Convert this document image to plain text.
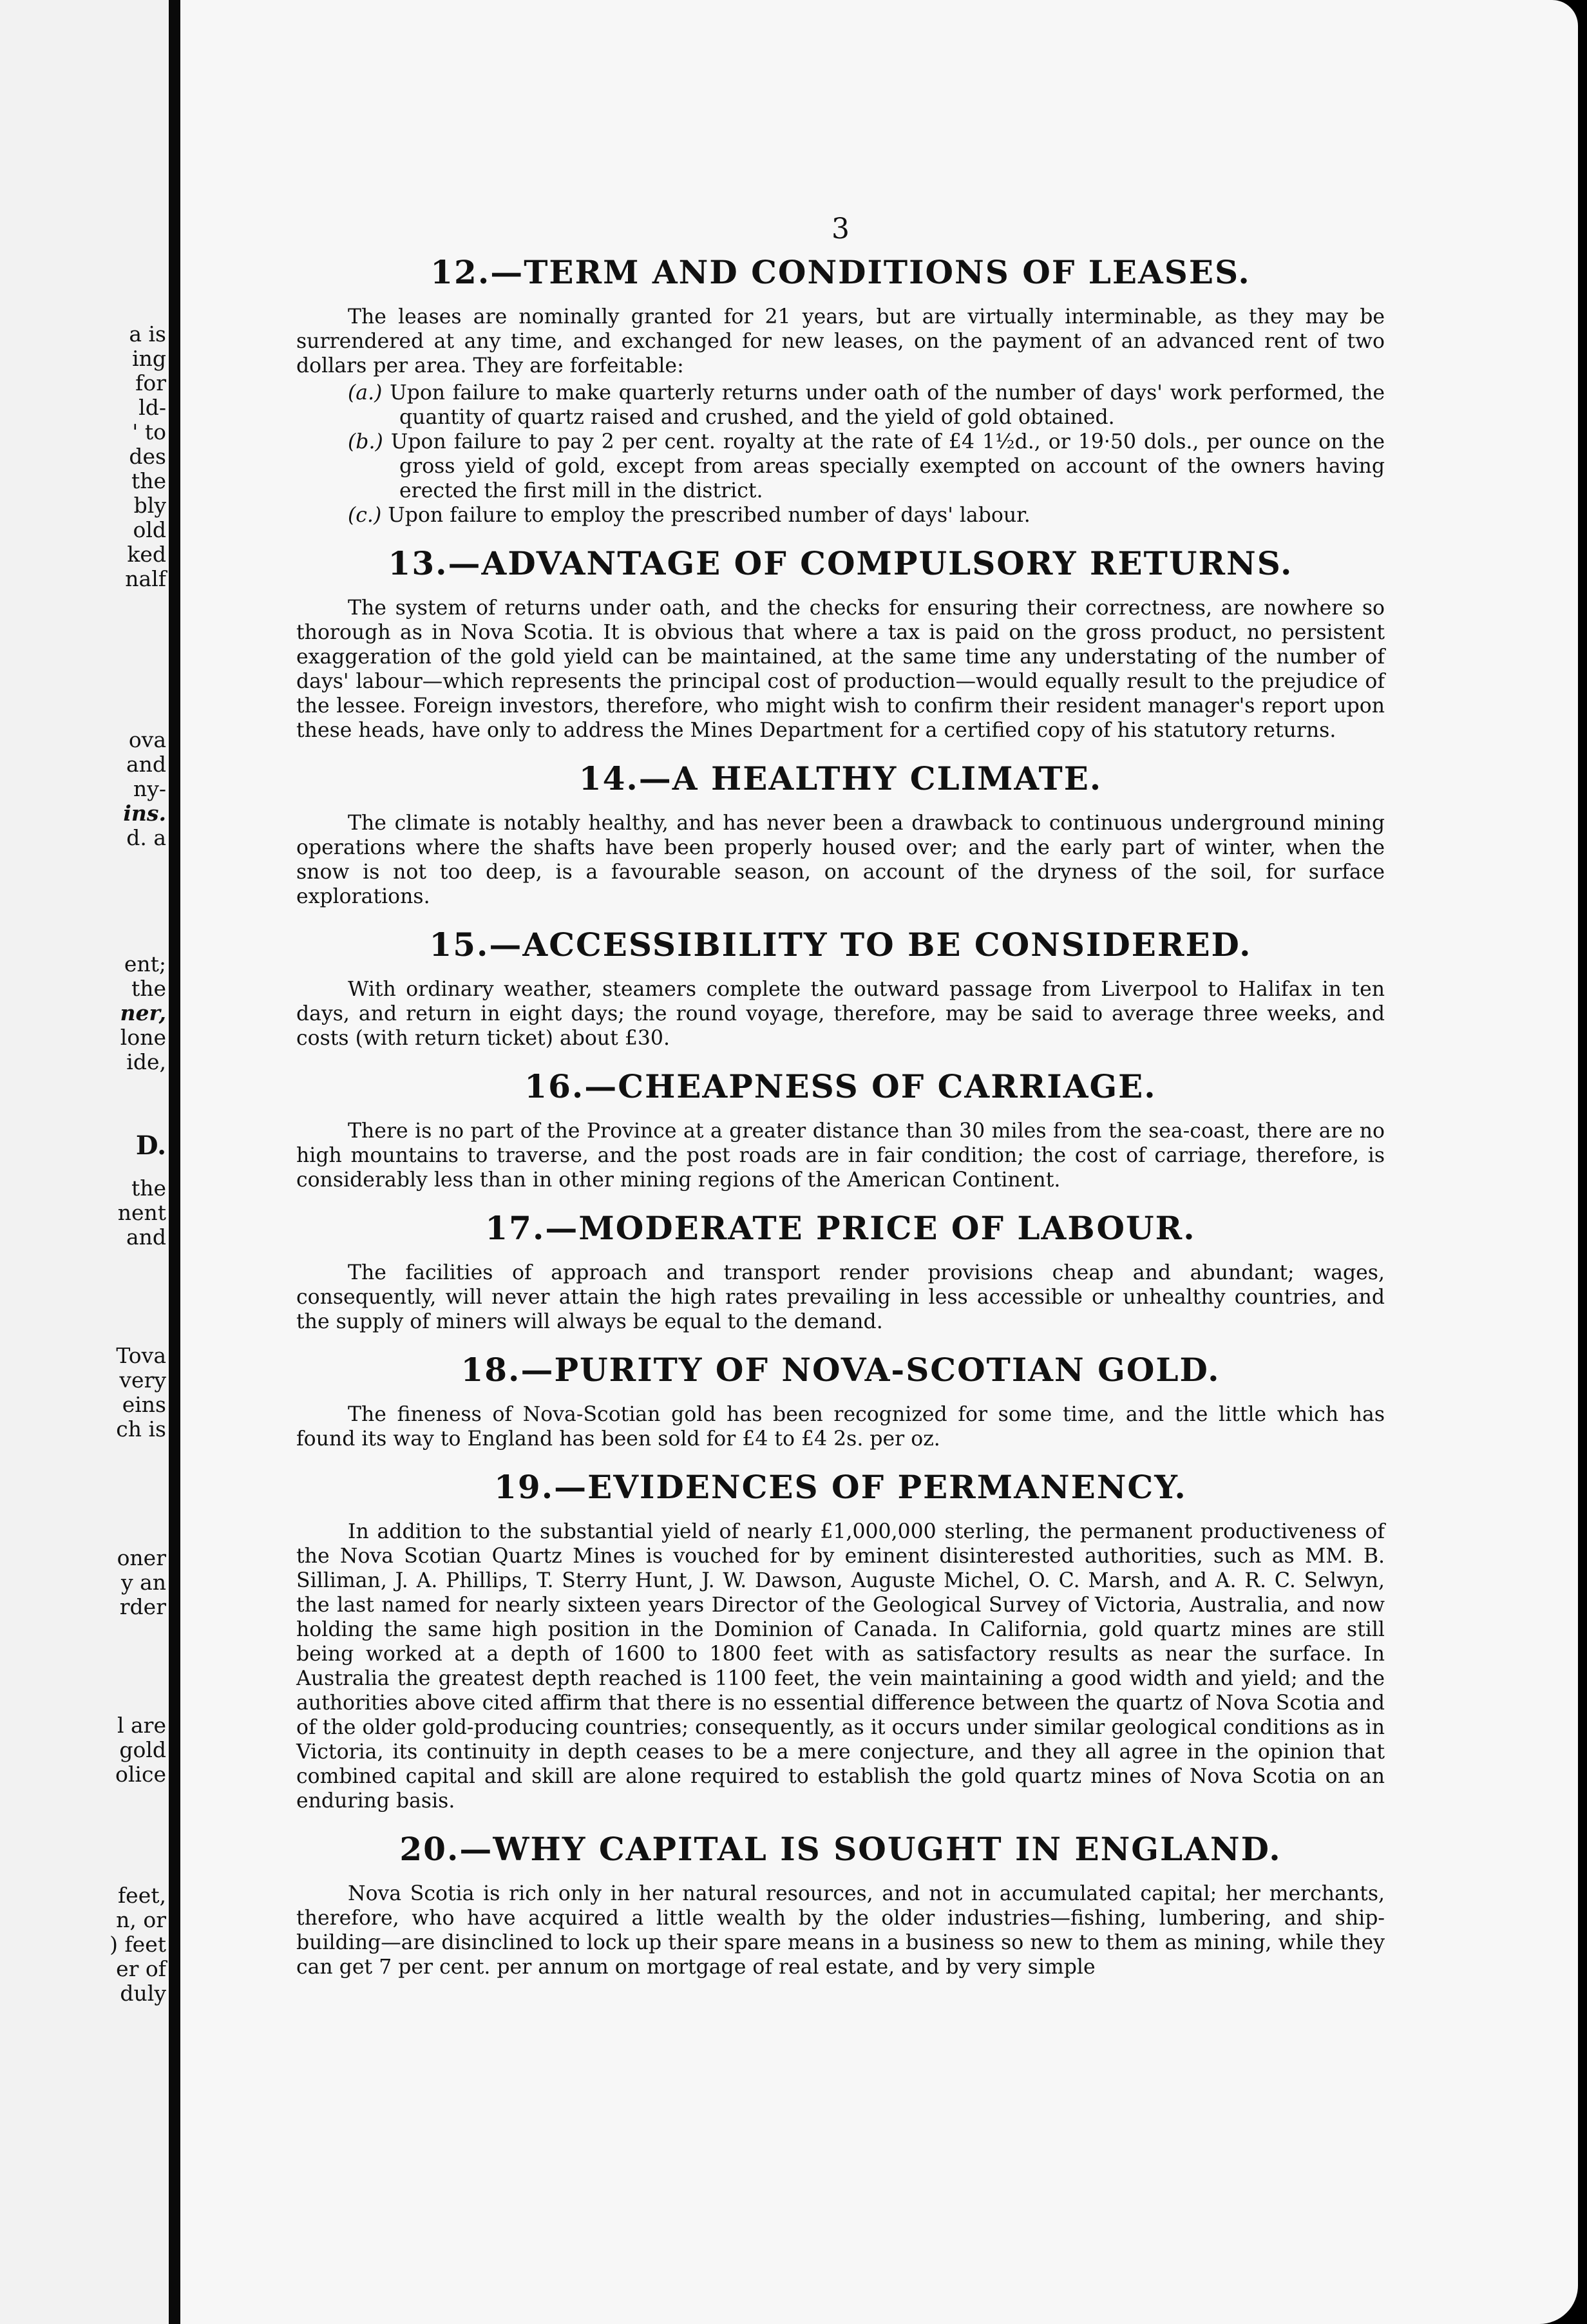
a is
ing
for
ld-
' to
des
the
bly
old
ked
nalf
ova
and
ny-
ins.
d. a
ent;
the
ner,
lone
ide,
D.
the
nent
and
Tova
very
eins
ch is
oner
y an
rder
l are
gold
olice
feet,
n, or
) feet
er of
duly
3
12.—TERM AND CONDITIONS OF LEASES.

The leases are nominally granted for 21 years, but are virtually interminable, as they may be surrendered at any time, and exchanged for new leases, on the payment of an advanced rent of two dollars per area. They are forfeitable:

(a.) Upon failure to make quarterly returns under oath of the number of days' work performed, the quantity of quartz raised and crushed, and the yield of gold obtained.
(b.) Upon failure to pay 2 per cent. royalty at the rate of £4 1½d., or 19·50 dols., per ounce on the gross yield of gold, except from areas specially exempted on account of the owners having erected the first mill in the district.
(c.) Upon failure to employ the prescribed number of days' labour.
13.—ADVANTAGE OF COMPULSORY RETURNS.

The system of returns under oath, and the checks for ensuring their correctness, are nowhere so thorough as in Nova Scotia. It is obvious that where a tax is paid on the gross product, no persistent exaggeration of the gold yield can be maintained, at the same time any understating of the number of days' labour—which represents the principal cost of production—would equally result to the prejudice of the lessee. Foreign investors, therefore, who might wish to confirm their resident manager's report upon these heads, have only to address the Mines Department for a certified copy of his statutory returns.

14.—A HEALTHY CLIMATE.

The climate is notably healthy, and has never been a drawback to continuous underground mining operations where the shafts have been properly housed over; and the early part of winter, when the snow is not too deep, is a favourable season, on account of the dryness of the soil, for surface explorations.

15.—ACCESSIBILITY TO BE CONSIDERED.

With ordinary weather, steamers complete the outward passage from Liverpool to Halifax in ten days, and return in eight days; the round voyage, therefore, may be said to average three weeks, and costs (with return ticket) about £30.

16.—CHEAPNESS OF CARRIAGE.

There is no part of the Province at a greater distance than 30 miles from the sea-coast, there are no high mountains to traverse, and the post roads are in fair condition; the cost of carriage, therefore, is considerably less than in other mining regions of the American Continent.

17.—MODERATE PRICE OF LABOUR.

The facilities of approach and transport render provisions cheap and abundant; wages, consequently, will never attain the high rates prevailing in less accessible or unhealthy countries, and the supply of miners will always be equal to the demand.

18.—PURITY OF NOVA-SCOTIAN GOLD.

The fineness of Nova-Scotian gold has been recognized for some time, and the little which has found its way to England has been sold for £4 to £4 2s. per oz.

19.—EVIDENCES OF PERMANENCY.

In addition to the substantial yield of nearly £1,000,000 sterling, the permanent productiveness of the Nova Scotian Quartz Mines is vouched for by eminent disinterested authorities, such as MM. B. Silliman, J. A. Phillips, T. Sterry Hunt, J. W. Dawson, Auguste Michel, O. C. Marsh, and A. R. C. Selwyn, the last named for nearly sixteen years Director of the Geological Survey of Victoria, Australia, and now holding the same high position in the Dominion of Canada. In California, gold quartz mines are still being worked at a depth of 1600 to 1800 feet with as satisfactory results as near the surface. In Australia the greatest depth reached is 1100 feet, the vein maintaining a good width and yield; and the authorities above cited affirm that there is no essential difference between the quartz of Nova Scotia and of the older gold-producing countries; consequently, as it occurs under similar geological conditions as in Victoria, its continuity in depth ceases to be a mere conjecture, and they all agree in the opinion that combined capital and skill are alone required to establish the gold quartz mines of Nova Scotia on an enduring basis.

20.—WHY CAPITAL IS SOUGHT IN ENGLAND.

Nova Scotia is rich only in her natural resources, and not in accumulated capital; her merchants, therefore, who have acquired a little wealth by the older industries—fishing, lumbering, and ship-building—are disinclined to lock up their spare means in a business so new to them as mining, while they can get 7 per cent. per annum on mortgage of real estate, and by very simple
